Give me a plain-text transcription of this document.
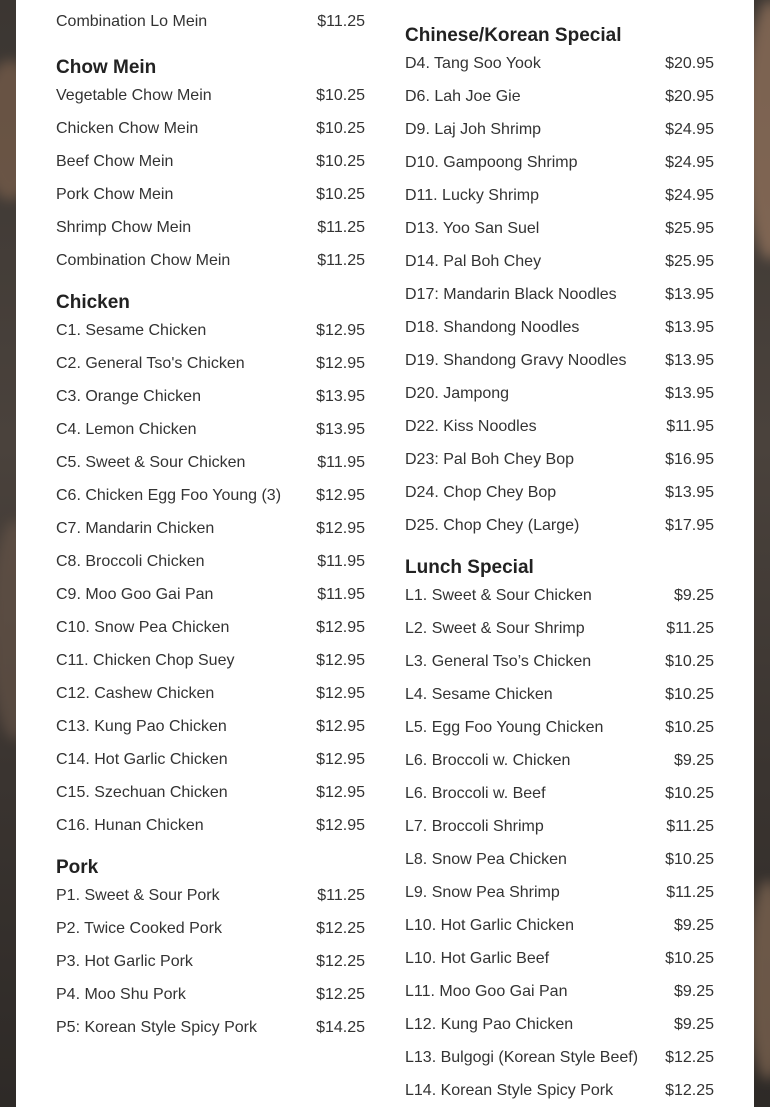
Combination Lo Mein	$11.25
Chow Mein
Vegetable Chow Mein	$10.25
Chicken Chow Mein	$10.25
Beef Chow Mein	$10.25
Pork Chow Mein	$10.25
Shrimp Chow Mein	$11.25
Combination Chow Mein	$11.25
Chicken
C1. Sesame Chicken	$12.95
C2. General Tso's Chicken	$12.95
C3. Orange Chicken	$13.95
C4. Lemon Chicken	$13.95
C5. Sweet & Sour Chicken	$11.95
C6. Chicken Egg Foo Young (3) $12.95
C7. Mandarin Chicken	$12.95
C8. Broccoli Chicken	$11.95
C9. Moo Goo Gai Pan	$11.95
C10. Snow Pea Chicken	$12.95
C11. Chicken Chop Suey	$12.95
C12. Cashew Chicken	$12.95
C13. Kung Pao Chicken	$12.95
C14. Hot Garlic Chicken	$12.95
C15. Szechuan Chicken	$12.95
C16. Hunan Chicken	$12.95
Pork
P1. Sweet & Sour Pork	$11.25
P2. Twice Cooked Pork	$12.25
P3. Hot Garlic Pork	$12.25
P4. Moo Shu Pork	$12.25
P5: Korean Style Spicy Pork	$14.25
Chinese/Korean Special
D4. Tang Soo Yook	$20.95
D6. Lah Joe Gie	$20.95
D9. Laj Joh Shrimp	$24.95
D10. Gampoong Shrimp	$24.95
D11. Lucky Shrimp	$24.95
D13. Yoo San Suel	$25.95
D14. Pal Boh Chey	$25.95
D17: Mandarin Black Noodles	$13.95
D18. Shandong Noodles	$13.95
D19. Shandong Gravy Noodles $13.95
D20. Jampong	$13.95
D22. Kiss Noodles	$11.95
D23: Pal Boh Chey Bop	$16.95
D24. Chop Chey Bop	$13.95
D25. Chop Chey (Large)	$17.95
Lunch Special
L1. Sweet & Sour Chicken	$9.25
L2. Sweet & Sour Shrimp	$11.25
L3. General Tso’s Chicken	$10.25
L4. Sesame Chicken	$10.25
L5. Egg Foo Young Chicken	$10.25
L6. Broccoli w. Chicken	$9.25
L6. Broccoli w. Beef	$10.25
L7. Broccoli Shrimp	$11.25
L8. Snow Pea Chicken	$10.25
L9. Snow Pea Shrimp	$11.25
L10. Hot Garlic Chicken	$9.25
L10. Hot Garlic Beef	$10.25
L11. Moo Goo Gai Pan	$9.25
L12. Kung Pao Chicken	$9.25
L13. Bulgogi (Korean Style Beef) $12.25
L14. Korean Style Spicy Pork	$12.25
